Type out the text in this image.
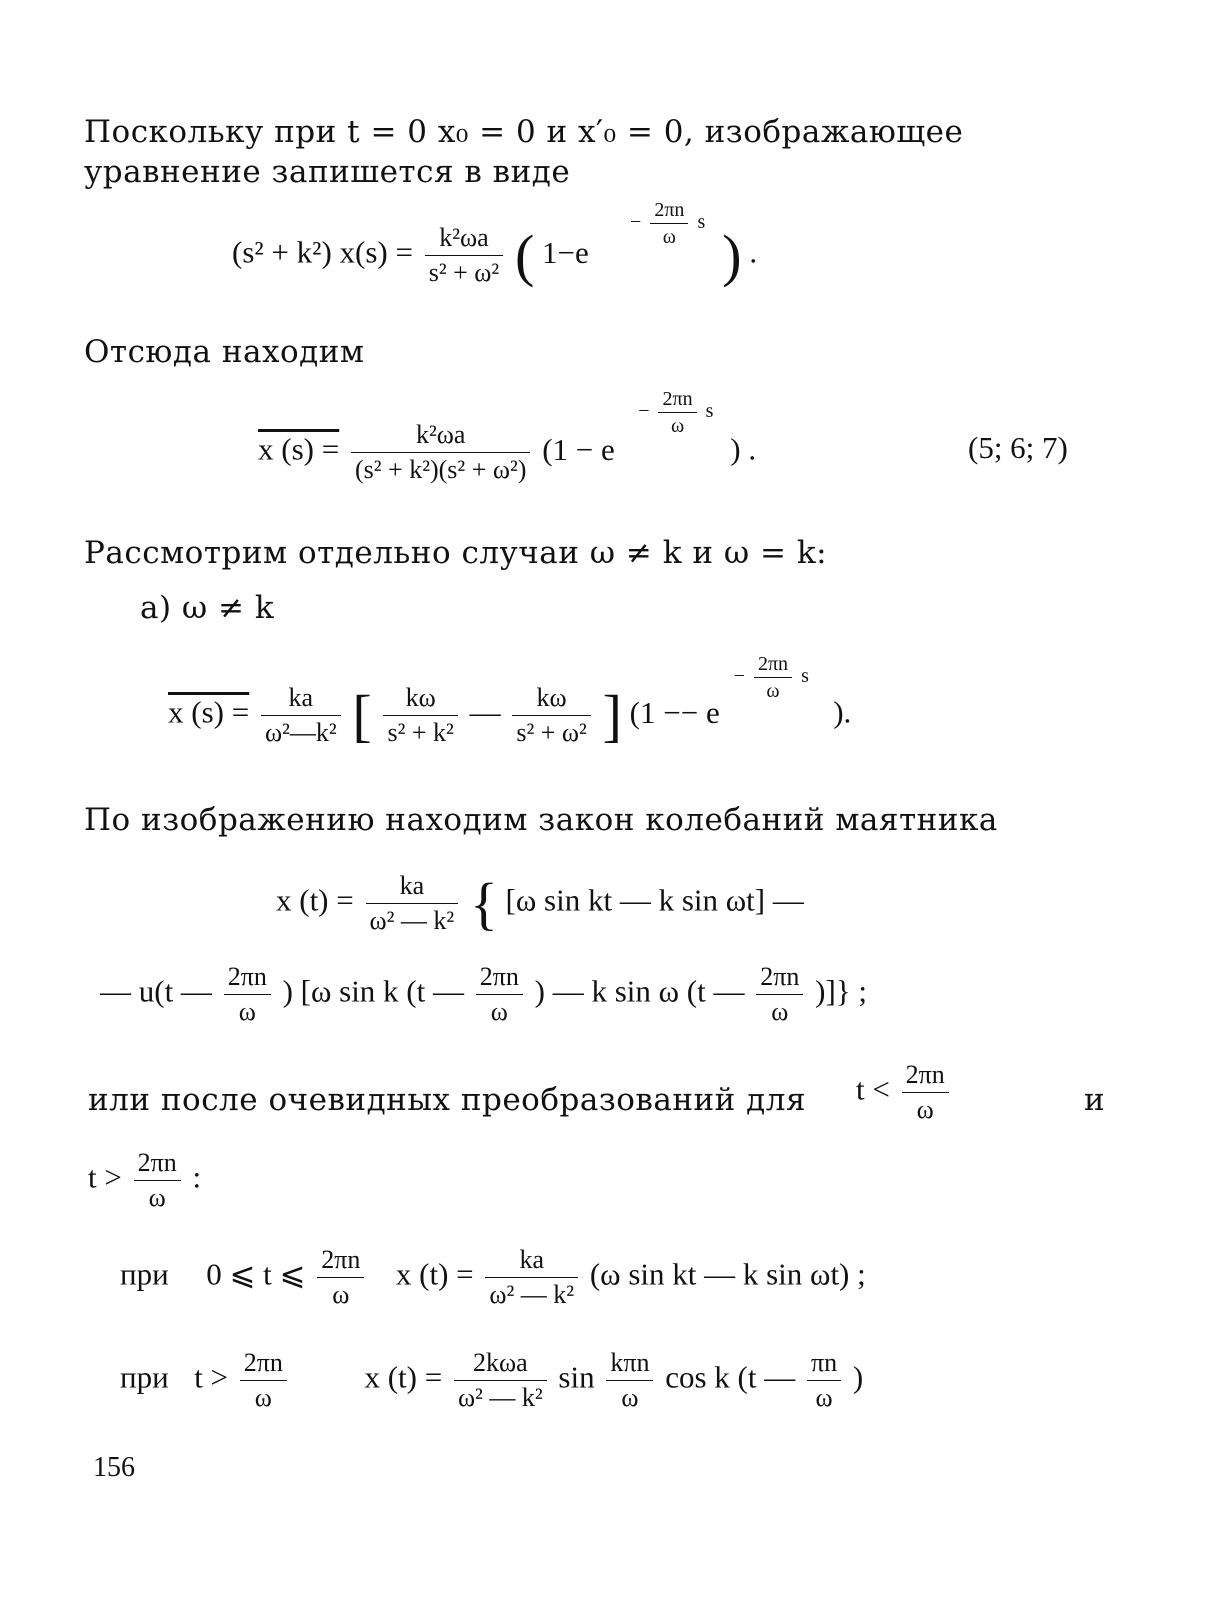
Поскольку при t = 0 x₀ = 0 и x′₀ = 0, изображающее
уравнение запишется в виде
(s² + k²) $x(s) = \frac{\text{k²ωa}}{\text{s² + ω²}}$ ( 1−e
− $\frac{2\pi n}{\omega}$ s
) .
Отсюда находим
x $(s) = \frac{\text{k²ωa}}{\text{(s² + k²)(s² + ω²)}} (1 - e$
− $\frac{2\pi n}{\omega}$ s
) .	(5; 6; 7)
Рассмотрим отдельно случаи ω ≠ k и ω = k:
а) ω ≠ k
x $(s) = \frac{ka}{\text{ω²—k²}}$ [ $\frac{k\omega}{\text{s² + k²}}$ — $\frac{k\omega}{\text{s² + ω²}}$ ] (1 −− e
− $\frac{2\pi n}{\omega}$ s
).
По изображению находим закон колебаний маятника
x $(t) = \frac{ka}{\text{ω² — k²}}$ { [ω sin kt — k sin ωt] —
— u(t — $\frac{2\pi n}{\omega}$ ) [ω sin k (t — $\frac{2\pi n}{\omega}$ ) — k sin ω (t — $\frac{2\pi n}{\omega}$ )]} ;
или после очевидных преобразований для $t < \frac{2\pi n}{\omega}$	и
$t > \frac{2\pi n}{\omega}$ :
при 0 ⩽ t ⩽ $\frac{2\pi n}{\omega}$ x $(t) = \frac{ka}{\text{ω² — k²}} (\omega$ sin kt — k sin ωt) ;
при $t > \frac{2\pi n}{\omega}$	x $(t) = \frac{\text{2kωa}}{\text{ω² — k²}}$ $\sin \frac{\text{kπn}}{\omega}$ cos k (t — $\frac{\pi n}{\omega}$ )
156
